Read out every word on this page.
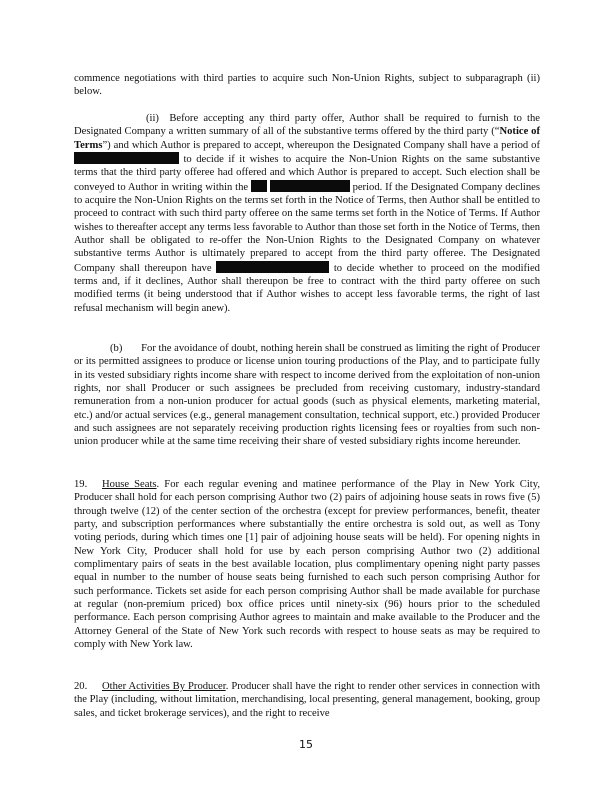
commence negotiations with third parties to acquire such Non-Union Rights, subject to subparagraph (ii) below.

(ii) Before accepting any third party offer, Author shall be required to furnish to the Designated Company a written summary of all of the substantive terms offered by the third party (“Notice of Terms”) and which Author is prepared to accept, whereupon the Designated Company shall have a period of  to decide if it wishes to acquire the Non-Union Rights on the same substantive terms that the third party offeree had offered and which Author is prepared to accept. Such election shall be conveyed to Author in writing within the	period. If the Designated Company declines to acquire the Non-Union Rights on the terms set forth in the Notice of Terms, then Author shall be entitled to proceed to contract with such third party offeree on the same terms set forth in the Notice of Terms. If Author wishes to thereafter accept any terms less favorable to Author than those set forth in the Notice of Terms, then Author shall be obligated to re-offer the Non-Union Rights to the Designated Company on whatever substantive terms Author is ultimately prepared to accept from the third party offeree. The Designated Company shall thereupon have	to decide whether to proceed on the modified terms and, if it declines, Author shall thereupon be free to contract with the third party offeree on such modified terms (it being understood that if Author wishes to accept less favorable terms, the right of last refusal mechanism will begin anew).

(b) For the avoidance of doubt, nothing herein shall be construed as limiting the right of Producer or its permitted assignees to produce or license union touring productions of the Play, and to participate fully in its vested subsidiary rights income share with respect to income derived from the exploitation of non-union rights, nor shall Producer or such assignees be precluded from receiving customary, industry-standard remuneration from a non-union producer for actual goods (such as physical elements, marketing material, etc.) and/or actual services (e.g., general management consultation, technical support, etc.) provided Producer and such assignees are not separately receiving production rights licensing fees or royalties from such non-union producer while at the same time receiving their share of vested subsidiary rights income hereunder.

19. House Seats. For each regular evening and matinee performance of the Play in New York City, Producer shall hold for each person comprising Author two (2) pairs of adjoining house seats in rows five (5) through twelve (12) of the center section of the orchestra (except for preview performances, benefit, theater party, and subscription performances where substantially the entire orchestra is sold out, as well as Tony voting periods, during which times one [1] pair of adjoining house seats will be held). For opening nights in New York City, Producer shall hold for use by each person comprising Author two (2) additional complimentary pairs of seats in the best available location, plus complimentary opening night party passes equal in number to the number of house seats being furnished to each such person comprising Author for such performance. Tickets set aside for each person comprising Author shall be made available for purchase at regular (non-premium priced) box office prices until ninety-six (96) hours prior to the scheduled performance. Each person comprising Author agrees to maintain and make available to the Producer and the Attorney General of the State of New York such records with respect to house seats as may be required to comply with New York law.

20. Other Activities By Producer. Producer shall have the right to render other services in connection with the Play (including, without limitation, merchandising, local presenting, general management, booking, group sales, and ticket brokerage services), and the right to receive

15
